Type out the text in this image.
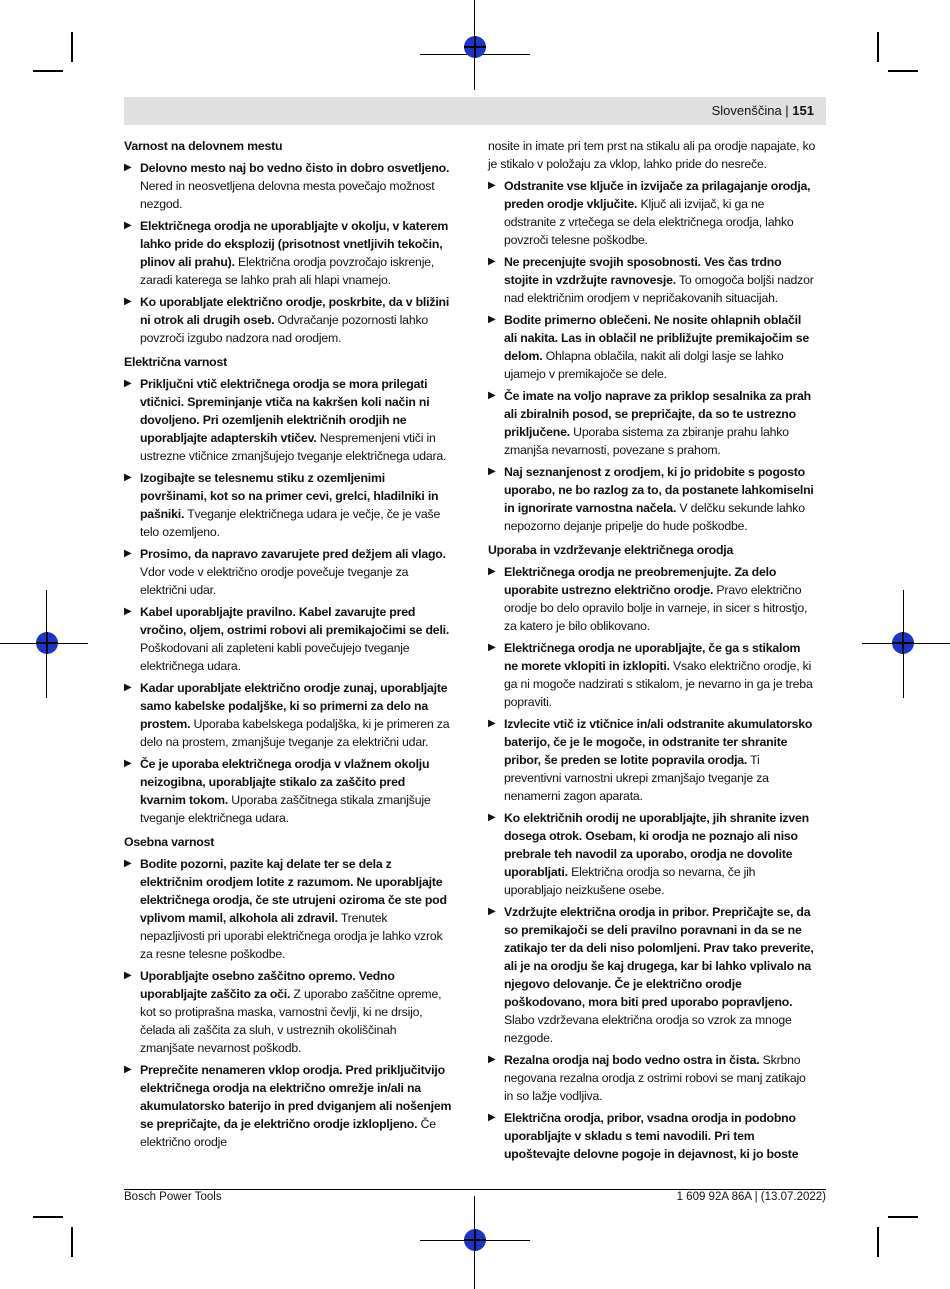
Slovenščina | 151
Varnost na delovnem mestu
▶ Delovno mesto naj bo vedno čisto in dobro osvetljeno. Nered in neosvetljena delovna mesta povečajo možnost nezgod.
▶ Električnega orodja ne uporabljajte v okolju, v katerem lahko pride do eksplozij (prisotnost vnetljivih tekočin, plinov ali prahu). Električna orodja povzročajo iskrenje, zaradi katerega se lahko prah ali hlapi vnamejo.
▶ Ko uporabljate električno orodje, poskrbite, da v bližini ni otrok ali drugih oseb. Odvračanje pozornosti lahko povzroči izgubo nadzora nad orodjem.
Električna varnost
▶ Priključni vtič električnega orodja se mora prilegati vtičnici. Spreminjanje vtiča na kakršen koli način ni dovoljeno. Pri ozemljenih električnih orodjih ne uporabljajte adapterskih vtičev. Nespremenjeni vtiči in ustrezne vtičnice zmanjšujejo tveganje električnega udara.
▶ Izogibajte se telesnemu stiku z ozemljenimi površinami, kot so na primer cevi, grelci, hladilniki in pašniki. Tveganje električnega udara je večje, če je vaše telo ozemljeno.
▶ Prosimo, da napravo zavarujete pred dežjem ali vlago. Vdor vode v električno orodje povečuje tveganje za električni udar.
▶ Kabel uporabljajte pravilno. Kabel zavarujte pred vročino, oljem, ostrimi robovi ali premikajočimi se deli. Poškodovani ali zapleteni kabli povečujejo tveganje električnega udara.
▶ Kadar uporabljate električno orodje zunaj, uporabljajte samo kabelske podaljške, ki so primerni za delo na prostem. Uporaba kabelskega podaljška, ki je primeren za delo na prostem, zmanjšuje tveganje za električni udar.
▶ Če je uporaba električnega orodja v vlažnem okolju neizogibna, uporabljajte stikalo za zaščito pred kvarnim tokom. Uporaba zaščitnega stikala zmanjšuje tveganje električnega udara.
Osebna varnost
▶ Bodite pozorni, pazite kaj delate ter se dela z električnim orodjem lotite z razumom. Ne uporabljajte električnega orodja, če ste utrujeni oziroma če ste pod vplivom mamil, alkohola ali zdravil. Trenutek nepazljivosti pri uporabi električnega orodja je lahko vzrok za resne telesne poškodbe.
▶ Uporabljajte osebno zaščitno opremo. Vedno uporabljajte zaščito za oči. Z uporabo zaščitne opreme, kot so protiprašna maska, varnostni čevlji, ki ne drsijo, čelada ali zaščita za sluh, v ustreznih okoliščinah zmanjšate nevarnost poškodb.
▶ Preprečite nenameren vklop orodja. Pred priključitvijo električnega orodja na električno omrežje in/ali na akumulatorsko baterijo in pred dviganjem ali nošenjem se prepričajte, da je električno orodje izklopljeno. Če električno orodje
nosite in imate pri tem prst na stikalu ali pa orodje napajate, ko je stikalo v položaju za vklop, lahko pride do nesreče.
▶ Odstranite vse ključe in izvijače za prilagajanje orodja, preden orodje vključite. Ključ ali izvijač, ki ga ne odstranite z vrtečega se dela električnega orodja, lahko povzroči telesne poškodbe.
▶ Ne precenjujte svojih sposobnosti. Ves čas trdno stojite in vzdržujte ravnovesje. To omogoča boljši nadzor nad električnim orodjem v nepričakovanih situacijah.
▶ Bodite primerno oblečeni. Ne nosite ohlapnih oblačil ali nakita. Las in oblačil ne približujte premikajočim se delom. Ohlapna oblačila, nakit ali dolgi lasje se lahko ujamejo v premikajoče se dele.
▶ Če imate na voljo naprave za priklop sesalnika za prah ali zbiralnih posod, se prepričajte, da so te ustrezno priključene. Uporaba sistema za zbiranje prahu lahko zmanjša nevarnosti, povezane s prahom.
▶ Naj seznanjenost z orodjem, ki jo pridobite s pogosto uporabo, ne bo razlog za to, da postanete lahkomiselni in ignorirate varnostna načela. V delčku sekunde lahko nepozorno dejanje pripelje do hude poškodbe.
Uporaba in vzdrževanje električnega orodja
▶ Električnega orodja ne preobremenjujte. Za delo uporabite ustrezno električno orodje. Pravo električno orodje bo delo opravilo bolje in varneje, in sicer s hitrostjo, za katero je bilo oblikovano.
▶ Električnega orodja ne uporabljajte, če ga s stikalom ne morete vklopiti in izklopiti. Vsako električno orodje, ki ga ni mogoče nadzirati s stikalom, je nevarno in ga je treba popraviti.
▶ Izvlecite vtič iz vtičnice in/ali odstranite akumulatorsko baterijo, če je le mogoče, in odstranite ter shranite pribor, še preden se lotite popravila orodja. Ti preventivni varnostni ukrepi zmanjšajo tveganje za nenamerni zagon aparata.
▶ Ko električnih orodij ne uporabljajte, jih shranite izven dosega otrok. Osebam, ki orodja ne poznajo ali niso prebrale teh navodil za uporabo, orodja ne dovolite uporabljati. Električna orodja so nevarna, če jih uporabljajo neizkušene osebe.
▶ Vzdržujte električna orodja in pribor. Prepričajte se, da so premikajoči se deli pravilno poravnani in da se ne zatikajo ter da deli niso polomljeni. Prav tako preverite, ali je na orodju še kaj drugega, kar bi lahko vplivalo na njegovo delovanje. Če je električno orodje poškodovano, mora biti pred uporabo popravljeno. Slabo vzdrževana električna orodja so vzrok za mnoge nezgode.
▶ Rezalna orodja naj bodo vedno ostra in čista. Skrbno negovana rezalna orodja z ostrimi robovi se manj zatikajo in so lažje vodljiva.
▶ Električna orodja, pribor, vsadna orodja in podobno uporabljajte v skladu s temi navodili. Pri tem upoštevajte delovne pogoje in dejavnost, ki jo boste
Bosch Power Tools	1 609 92A 86A | (13.07.2022)
